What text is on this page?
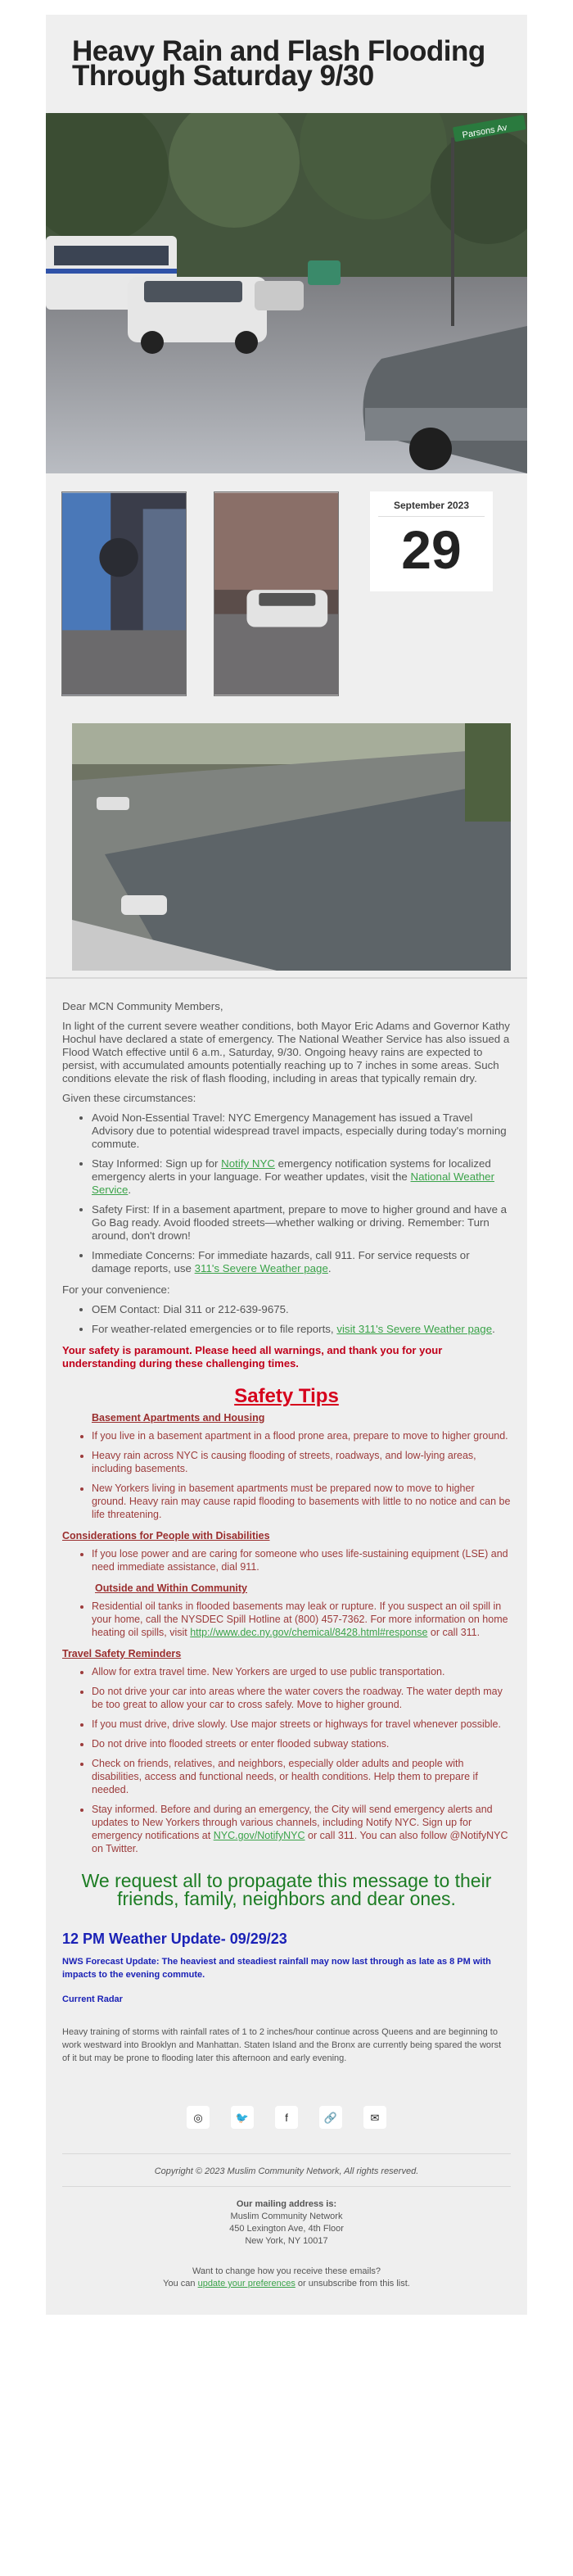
Heavy Rain and Flash Flooding Through Saturday 9/30
Parsons Av
September 2023
29

Dear MCN Community Members,

In light of the current severe weather conditions, both Mayor Eric Adams and Governor Kathy Hochul have declared a state of emergency. The National Weather Service has also issued a Flood Watch effective until 6 a.m., Saturday, 9/30. Ongoing heavy rains are expected to persist, with accumulated amounts potentially reaching up to 7 inches in some areas. Such conditions elevate the risk of flash flooding, including in areas that typically remain dry.

Given these circumstances:

• Avoid Non-Essential Travel: NYC Emergency Management has issued a Travel Advisory due to potential widespread travel impacts, especially during today's morning commute.
• Stay Informed: Sign up for Notify NYC emergency notification systems for localized emergency alerts in your language. For weather updates, visit the National Weather Service.
• Safety First: If in a basement apartment, prepare to move to higher ground and have a Go Bag ready. Avoid flooded streets—whether walking or driving. Remember: Turn around, don't drown!
• Immediate Concerns: For immediate hazards, call 911. For service requests or damage reports, use 311's Severe Weather page.

For your convenience:

• OEM Contact: Dial 311 or 212-639-9675.
• For weather-related emergencies or to file reports, visit 311's Severe Weather page.

Your safety is paramount. Please heed all warnings, and thank you for your understanding during these challenging times.

Safety Tips
Basement Apartments and Housing
• If you live in a basement apartment in a flood prone area, prepare to move to higher ground.
• Heavy rain across NYC is causing flooding of streets, roadways, and low-lying areas, including basements.
• New Yorkers living in basement apartments must be prepared now to move to higher ground. Heavy rain may cause rapid flooding to basements with little to no notice and can be life threatening.
Considerations for People with Disabilities
• If you lose power and are caring for someone who uses life-sustaining equipment (LSE) and need immediate assistance, dial 911.
Outside and Within Community
• Residential oil tanks in flooded basements may leak or rupture. If you suspect an oil spill in your home, call the NYSDEC Spill Hotline at (800) 457-7362. For more information on home heating oil spills, visit http://www.dec.ny.gov/chemical/8428.html#response or call 311.
Travel Safety Reminders
• Allow for extra travel time. New Yorkers are urged to use public transportation.
• Do not drive your car into areas where the water covers the roadway. The water depth may be too great to allow your car to cross safely. Move to higher ground.
• If you must drive, drive slowly. Use major streets or highways for travel whenever possible.
• Do not drive into flooded streets or enter flooded subway stations.
• Check on friends, relatives, and neighbors, especially older adults and people with disabilities, access and functional needs, or health conditions. Help them to prepare if needed.
• Stay informed. Before and during an emergency, the City will send emergency alerts and updates to New Yorkers through various channels, including Notify NYC. Sign up for emergency notifications at NYC.gov/NotifyNYC or call 311. You can also follow @NotifyNYC on Twitter.
We request all to propagate this message to their friends, family, neighbors and dear ones.
12 PM Weather Update- 09/29/23
NWS Forecast Update: The heaviest and steadiest rainfall may now last through as late as 8 PM with impacts to the evening commute.
Current Radar
Heavy training of storms with rainfall rates of 1 to 2 inches/hour continue across Queens and are beginning to work westward into Brooklyn and Manhattan. Staten Island and the Bronx are currently being spared the worst of it but may be prone to flooding later this afternoon and early evening.
◎	🐦	f	🔗	✉
Copyright © 2023 Muslim Community Network, All rights reserved.
Our mailing address is:
Muslim Community Network
450 Lexington Ave, 4th Floor
New York, NY 10017
Want to change how you receive these emails?
You can update your preferences or unsubscribe from this list.
